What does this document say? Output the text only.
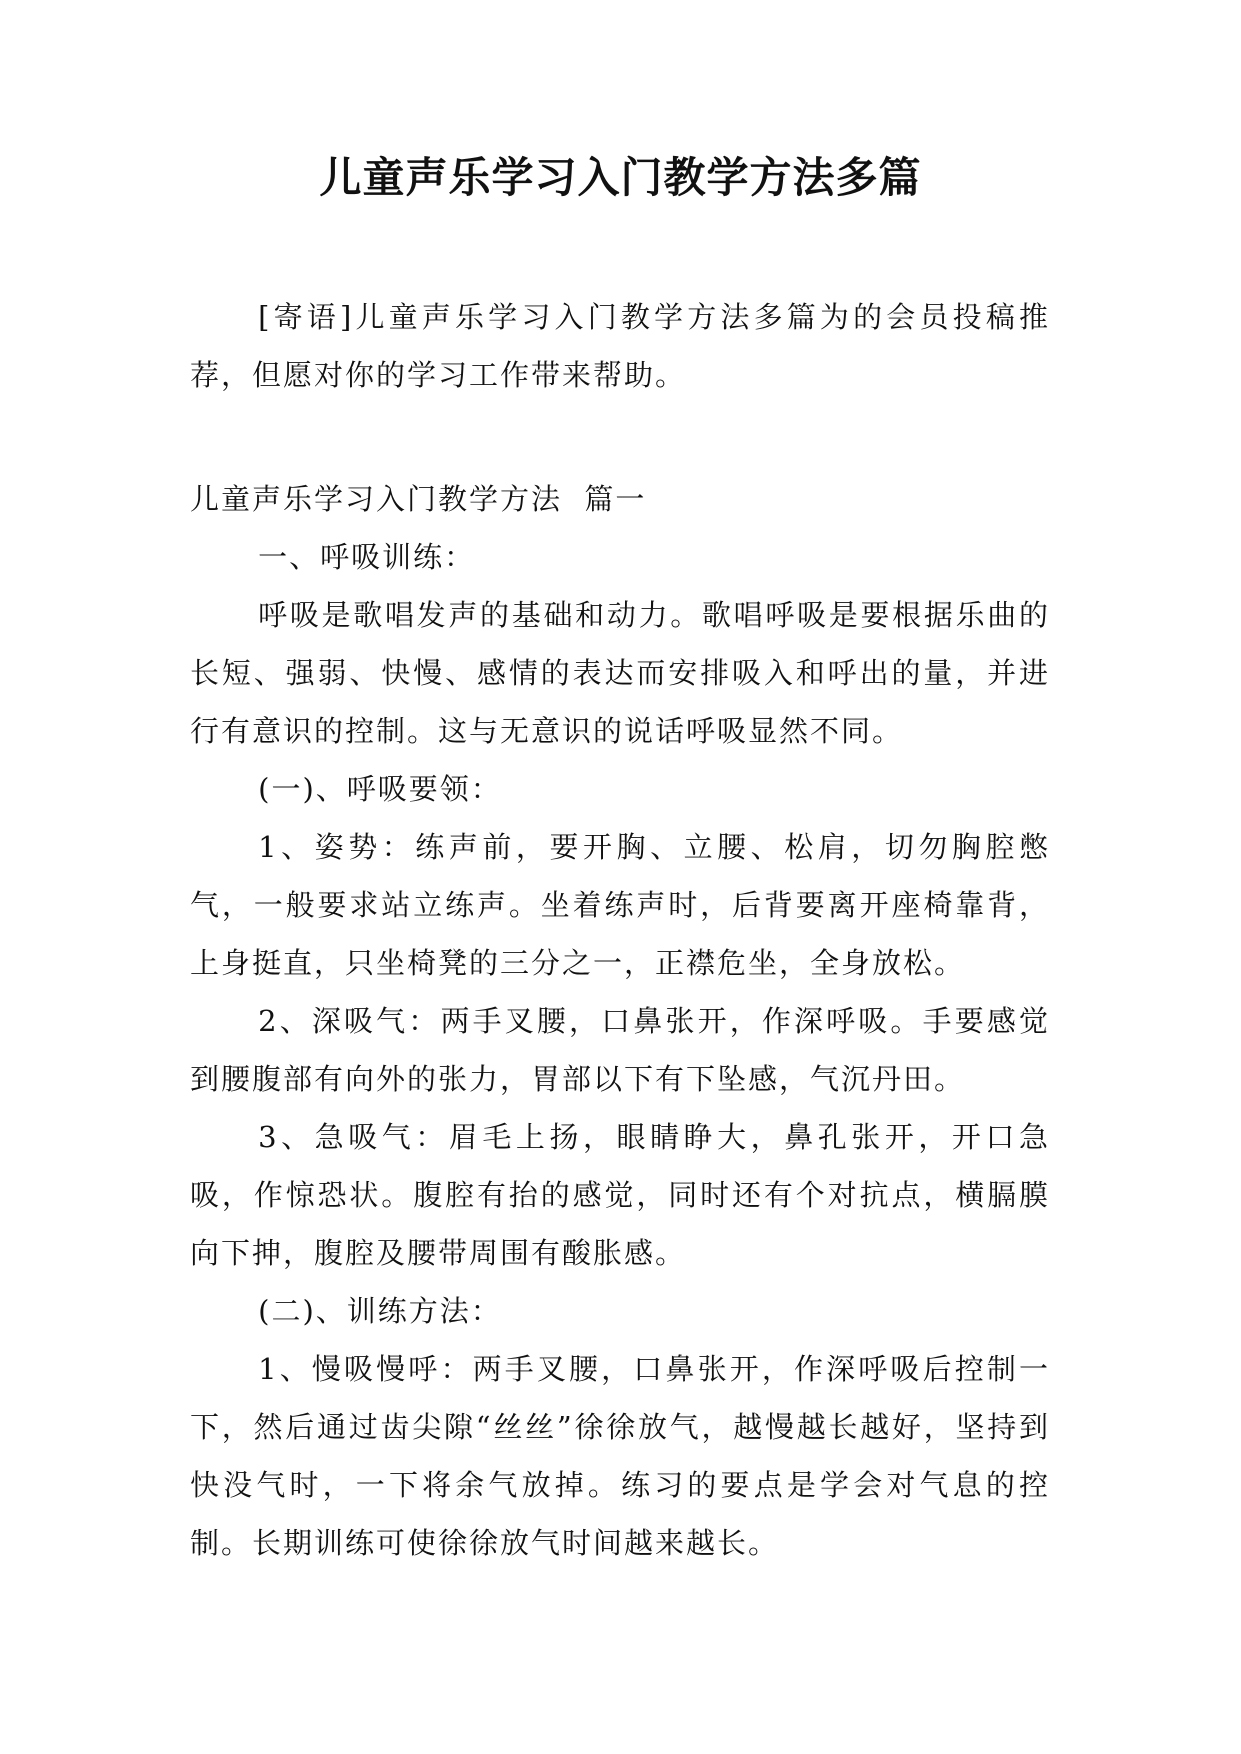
儿童声乐学习入门教学方法多篇

[寄语]儿童声乐学习入门教学方法多篇为的会员投稿推荐，但愿对你的学习工作带来帮助。

儿童声乐学习入门教学方法  篇一

一、呼吸训练：

呼吸是歌唱发声的基础和动力。歌唱呼吸是要根据乐曲的长短、强弱、快慢、感情的表达而安排吸入和呼出的量，并进行有意识的控制。这与无意识的说话呼吸显然不同。

(一)、呼吸要领：

1、姿势：练声前，要开胸、立腰、松肩，切勿胸腔憋气，一般要求站立练声。坐着练声时，后背要离开座椅靠背，上身挺直，只坐椅凳的三分之一，正襟危坐，全身放松。

2、深吸气：两手叉腰，口鼻张开，作深呼吸。手要感觉到腰腹部有向外的张力，胃部以下有下坠感，气沉丹田。

3、急吸气：眉毛上扬，眼睛睁大，鼻孔张开，开口急吸，作惊恐状。腹腔有抬的感觉，同时还有个对抗点，横膈膜向下抻，腹腔及腰带周围有酸胀感。

(二)、训练方法：

1、慢吸慢呼：两手叉腰，口鼻张开，作深呼吸后控制一下，然后通过齿尖隙“丝丝”徐徐放气，越慢越长越好，坚持到快没气时，一下将余气放掉。练习的要点是学会对气息的控制。长期训练可使徐徐放气时间越来越长。
